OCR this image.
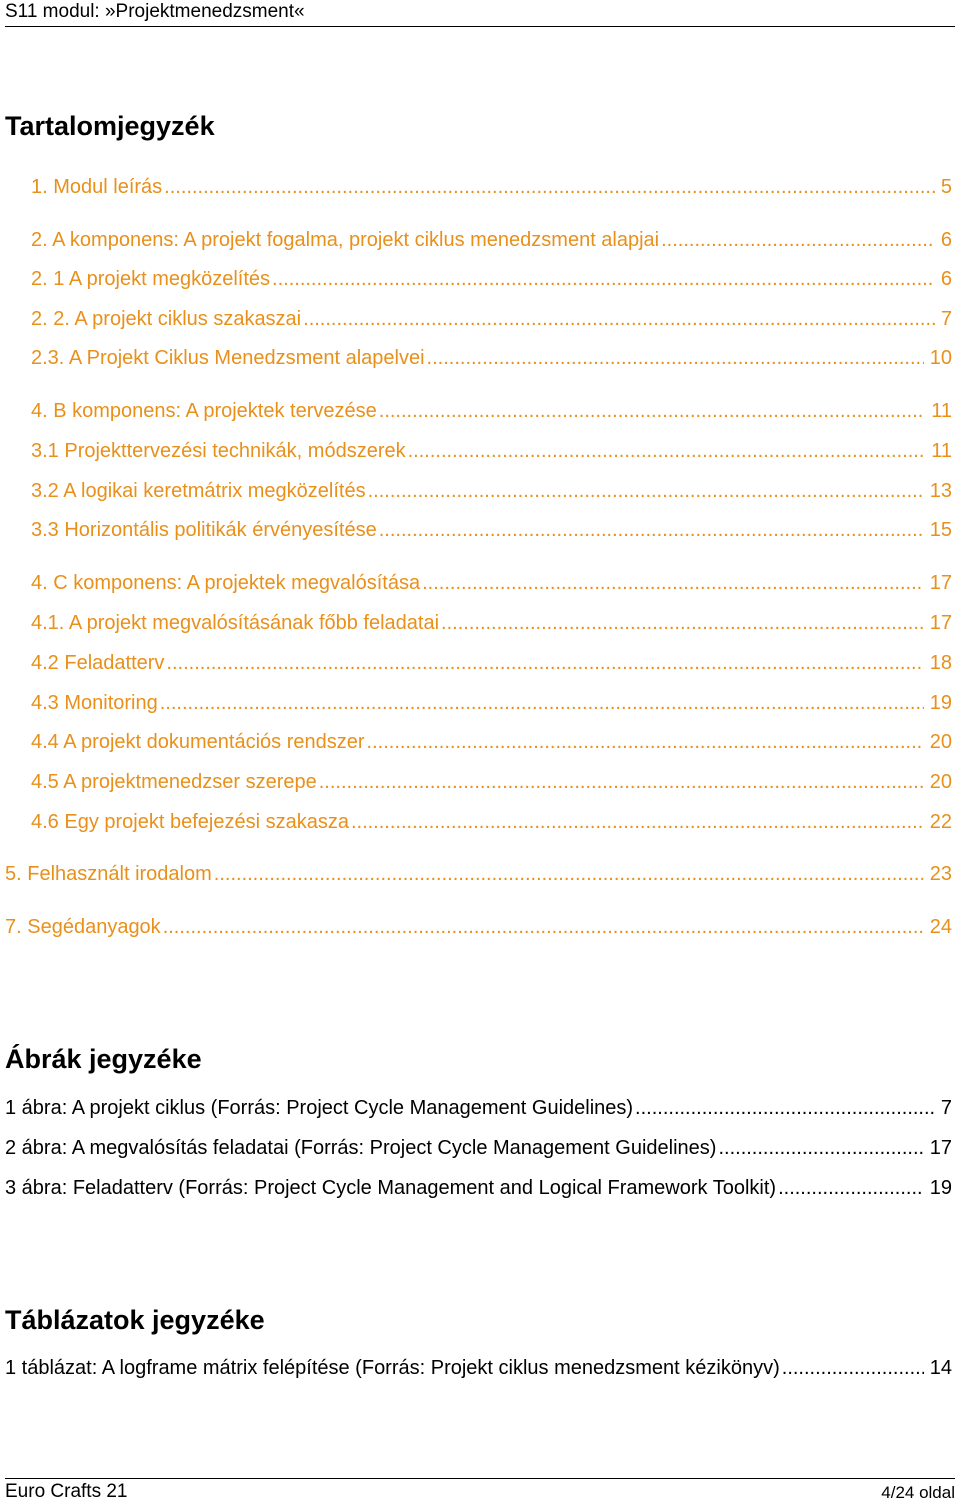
S11 modul: »Projektmenedzsment«
Tartalomjegyzék
1. Modul leírás .....	5
2. A komponens: A projekt fogalma, projekt ciklus menedzsment alapjai .....	6
2. 1 A projekt megközelítés .....	6
2. 2. A projekt ciklus szakaszai .....	7
2.3. A Projekt Ciklus Menedzsment alapelvei .....	10
4. B komponens: A projektek tervezése .....	11
3.1 Projekttervezési technikák, módszerek .....	11
3.2 A logikai keretmátrix megközelítés .....	13
3.3 Horizontális politikák érvényesítése .....	15
4. C komponens: A projektek megvalósítása .....	17
4.1. A projekt megvalósításának főbb feladatai .....	17
4.2 Feladatterv .....	18
4.3 Monitoring .....	19
4.4 A projekt dokumentációs rendszer .....	20
4.5 A projektmenedzser szerepe .....	20
4.6 Egy projekt befejezési szakasza .....	22
5. Felhasznált irodalom .....	23
7. Segédanyagok .....	24
Ábrák jegyzéke
1 ábra: A projekt ciklus (Forrás: Project Cycle Management Guidelines) .....	7
2 ábra: A megvalósítás feladatai (Forrás: Project Cycle Management Guidelines) .....	17
3 ábra: Feladatterv (Forrás: Project Cycle Management and Logical Framework Toolkit) .....	19
Táblázatok jegyzéke
1 táblázat: A logframe mátrix felépítése (Forrás: Projekt ciklus menedzsment kézikönyv) .....	14
Euro Crafts 21	4/24 oldal
